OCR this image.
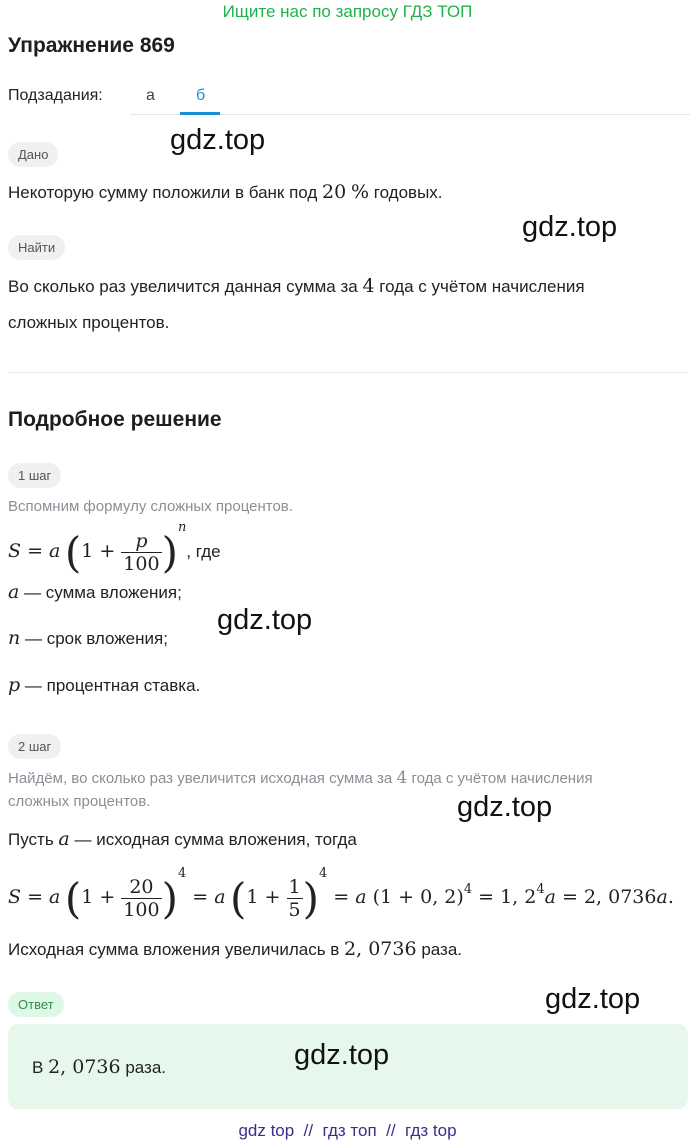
Ищите нас по запросу ГДЗ ТОП
Упражнение 869
Подзадания:	а	б
Дано	gdz.top
Некоторую сумму положили в банк под 20 % годовых.
Найти
gdz.top
Во сколько раз увеличится данная сумма за 4 года с учётом начисления
сложных процентов.
Подробное решение
1 шаг
Вспомним формулу сложных процентов.
S = a $(1 + \frac{p}{100} )^n$, где
a — сумма вложения;
n — срок вложения;
gdz.top
p — процентная ставка.
2 шаг
Найдём, во сколько раз увеличится исходная сумма за 4 года с учётом начисления
сложных процентов.	gdz.top
Пусть a — исходная сумма вложения, тогда
S = a $(1 + \frac{20}{100} )^4 = a$ $(1 + \frac{1}{5} )^4 = a$ (1 + 0, 2)$^4$ = 1, $2^4a = 2$, 0736a.
Исходная сумма вложения увеличилась в 2, 0736 раза.
Ответ	gdz.top
В 2, 0736 раза.	gdz.top
gdz top  //  гдз топ  //  гдз top
